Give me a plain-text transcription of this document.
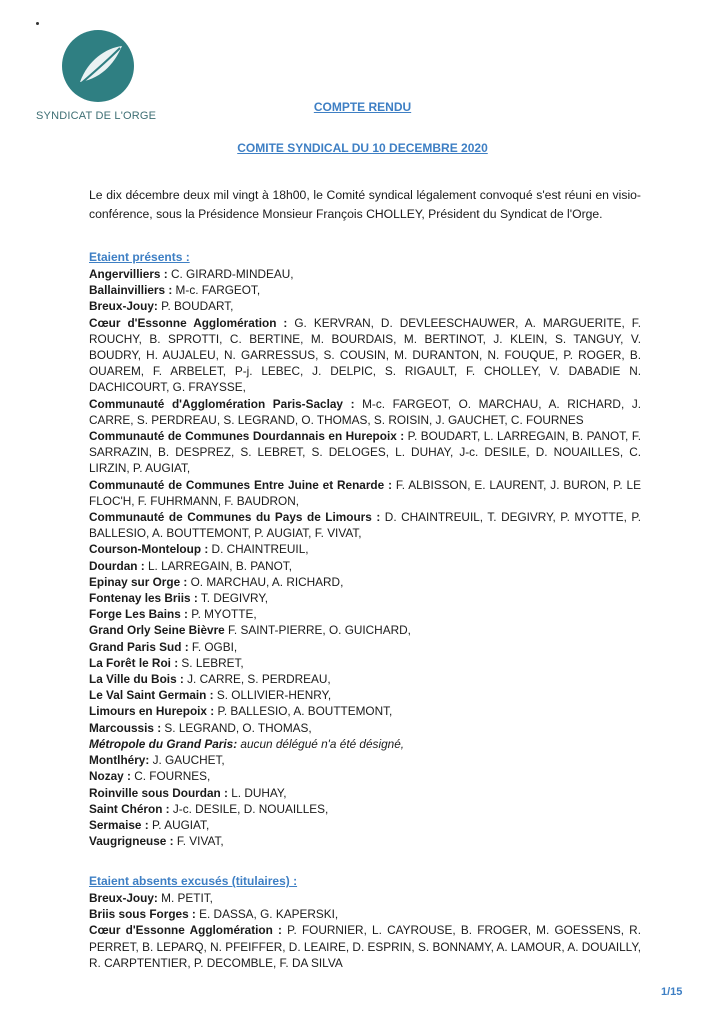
SYNDICAT DE L'ORGE
COMPTE RENDU
COMITE SYNDICAL DU 10 DECEMBRE 2020
Le dix décembre deux mil vingt à 18h00, le Comité syndical légalement convoqué s'est réuni en visio-conférence, sous la Présidence Monsieur François CHOLLEY, Président du Syndicat de l'Orge.
Etaient présents :
Angervilliers : C. GIRARD-MINDEAU,
Ballainvilliers : M-c. FARGEOT,
Breux-Jouy: P. BOUDART,
Cœur d'Essonne Agglomération : G. KERVRAN, D. DEVLEESCHAUWER, A. MARGUERITE, F. ROUCHY, B. SPROTTI, C. BERTINE, M. BOURDAIS, M. BERTINOT, J. KLEIN, S. TANGUY, V. BOUDRY, H. AUJALEU, N. GARRESSUS, S. COUSIN, M. DURANTON, N. FOUQUE, P. ROGER, B. OUAREM, F. ARBELET, P-j. LEBEC, J. DELPIC, S. RIGAULT, F. CHOLLEY, V. DABADIE N. DACHICOURT, G. FRAYSSE,
Communauté d'Agglomération Paris-Saclay : M-c. FARGEOT, O. MARCHAU, A. RICHARD, J. CARRE, S. PERDREAU, S. LEGRAND, O. THOMAS, S. ROISIN, J. GAUCHET, C. FOURNES
Communauté de Communes Dourdannais en Hurepoix : P. BOUDART, L. LARREGAIN, B. PANOT, F. SARRAZIN, B. DESPREZ, S. LEBRET, S. DELOGES, L. DUHAY, J-c. DESILE, D. NOUAILLES, C. LIRZIN, P. AUGIAT,
Communauté de Communes Entre Juine et Renarde : F. ALBISSON, E. LAURENT, J. BURON, P. LE FLOC'H, F. FUHRMANN, F. BAUDRON,
Communauté de Communes du Pays de Limours : D. CHAINTREUIL, T. DEGIVRY, P. MYOTTE, P. BALLESIO, A. BOUTTEMONT, P. AUGIAT, F. VIVAT,
Courson-Monteloup : D. CHAINTREUIL,
Dourdan : L. LARREGAIN, B. PANOT,
Epinay sur Orge : O. MARCHAU, A. RICHARD,
Fontenay les Briis : T. DEGIVRY,
Forge Les Bains : P. MYOTTE,
Grand Orly Seine Bièvre F. SAINT-PIERRE, O. GUICHARD,
Grand Paris Sud : F. OGBI,
La Forêt le Roi : S. LEBRET,
La Ville du Bois : J. CARRE, S. PERDREAU,
Le Val Saint Germain : S. OLLIVIER-HENRY,
Limours en Hurepoix : P. BALLESIO, A. BOUTTEMONT,
Marcoussis : S. LEGRAND, O. THOMAS,
Métropole du Grand Paris: aucun délégué n'a été désigné,
Montlhéry: J. GAUCHET,
Nozay : C. FOURNES,
Roinville sous Dourdan : L. DUHAY,
Saint Chéron : J-c. DESILE, D. NOUAILLES,
Sermaise : P. AUGIAT,
Vaugrigneuse : F. VIVAT,
Etaient absents excusés (titulaires) :
Breux-Jouy: M. PETIT,
Briis sous Forges : E. DASSA, G. KAPERSKI,
Cœur d'Essonne Agglomération : P. FOURNIER, L. CAYROUSE, B. FROGER, M. GOESSENS, R. PERRET, B. LEPARQ, N. PFEIFFER, D. LEAIRE, D. ESPRIN, S. BONNAMY, A. LAMOUR, A. DOUAILLY, R. CARPTENTIER, P. DECOMBLE, F. DA SILVA
1/15
